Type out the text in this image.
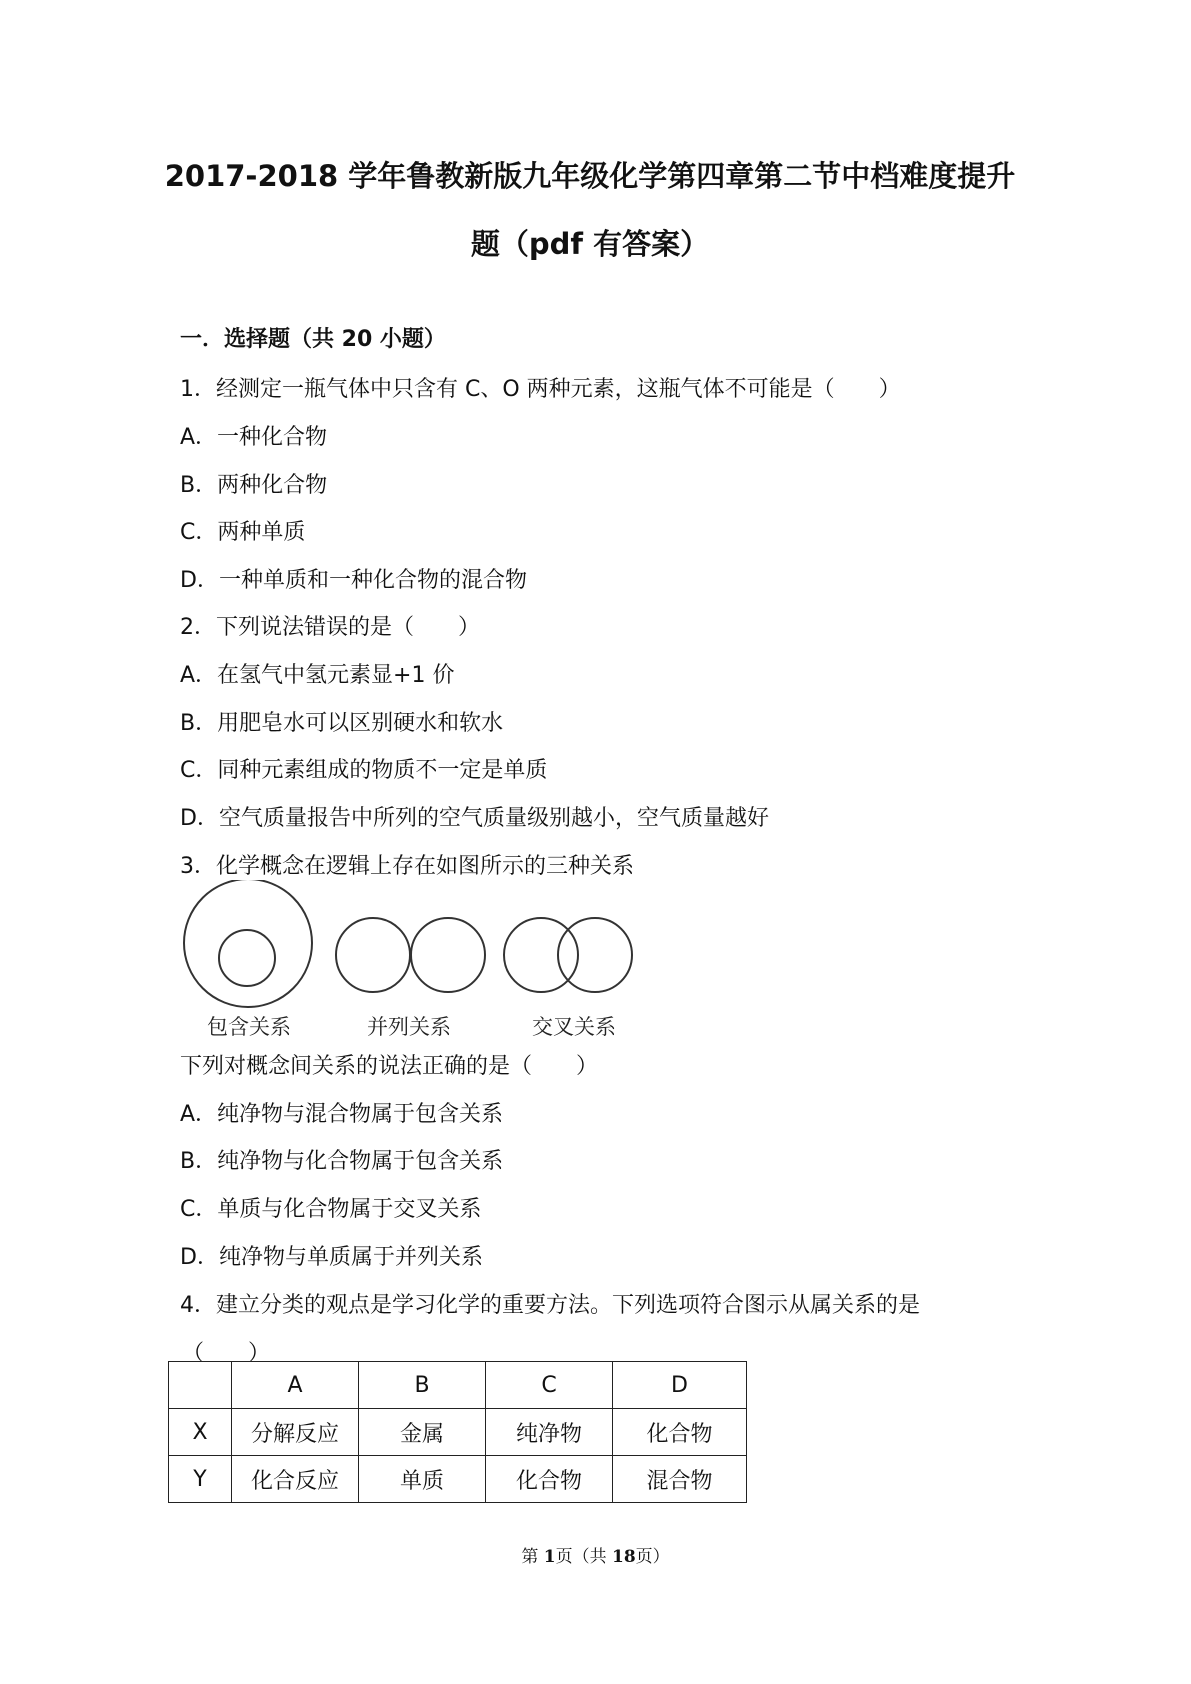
2017-2018 学年鲁教新版九年级化学第四章第二节中档难度提升
题（pdf 有答案）
一．选择题（共 20 小题）
1．经测定一瓶气体中只含有 C、O 两种元素，这瓶气体不可能是（　　）
A．一种化合物
B．两种化合物
C．两种单质
D．一种单质和一种化合物的混合物
2．下列说法错误的是（　　）
A．在氢气中氢元素显+1 价
B．用肥皂水可以区别硬水和软水
C．同种元素组成的物质不一定是单质
D．空气质量报告中所列的空气质量级别越小，空气质量越好
3．化学概念在逻辑上存在如图所示的三种关系
包含关系	并列关系	交叉关系
下列对概念间关系的说法正确的是（　　）
A．纯净物与混合物属于包含关系
B．纯净物与化合物属于包含关系
C．单质与化合物属于交叉关系
D．纯净物与单质属于并列关系
4．建立分类的观点是学习化学的重要方法。下列选项符合图示从属关系的是
（　　）
	A	B	C	D
X	分解反应	金属	纯净物	化合物
Y	化合反应	单质	化合物	混合物
第 1页（共 18页）
